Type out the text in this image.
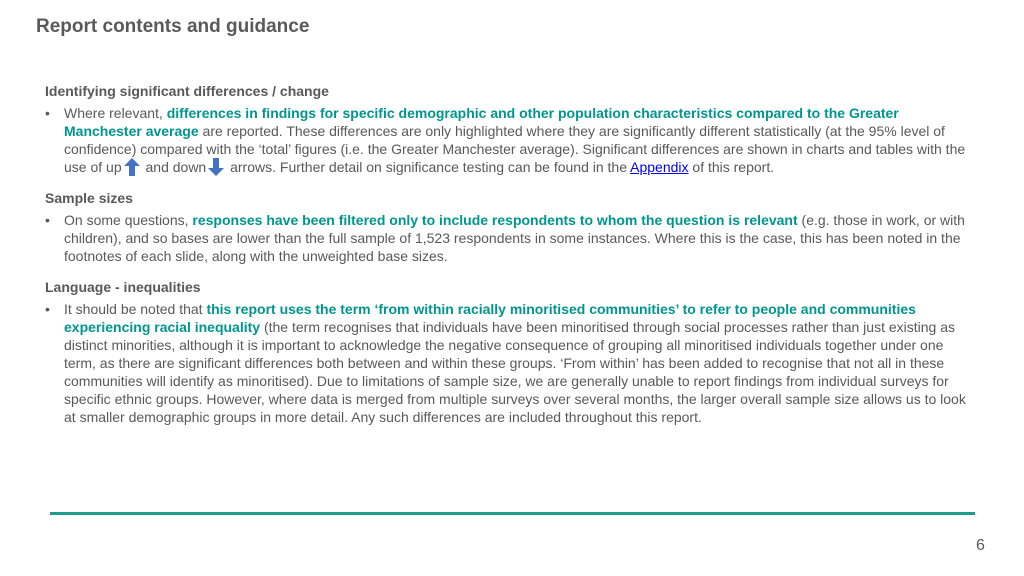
Report contents and guidance
Identifying significant differences / change
• Where relevant, differences in findings for specific demographic and other population characteristics compared to the Greater Manchester average are reported. These differences are only highlighted where they are significantly different statistically (at the 95% level of confidence) compared with the ‘total’ figures (i.e. the Greater Manchester average). Significant differences are shown in charts and tables with the use of up and down arrows. Further detail on significance testing can be found in the Appendix of this report.
Sample sizes
• On some questions, responses have been filtered only to include respondents to whom the question is relevant (e.g. those in work, or with children), and so bases are lower than the full sample of 1,523 respondents in some instances. Where this is the case, this has been noted in the footnotes of each slide, along with the unweighted base sizes.
Language - inequalities
• It should be noted that this report uses the term ‘from within racially minoritised communities’ to refer to people and communities experiencing racial inequality (the term recognises that individuals have been minoritised through social processes rather than just existing as distinct minorities, although it is important to acknowledge the negative consequence of grouping all minoritised individuals together under one term, as there are significant differences both between and within these groups. ‘From within’ has been added to recognise that not all in these communities will identify as minoritised). Due to limitations of sample size, we are generally unable to report findings from individual surveys for specific ethnic groups. However, where data is merged from multiple surveys over several months, the larger overall sample size allows us to look at smaller demographic groups in more detail. Any such differences are included throughout this report.
6
